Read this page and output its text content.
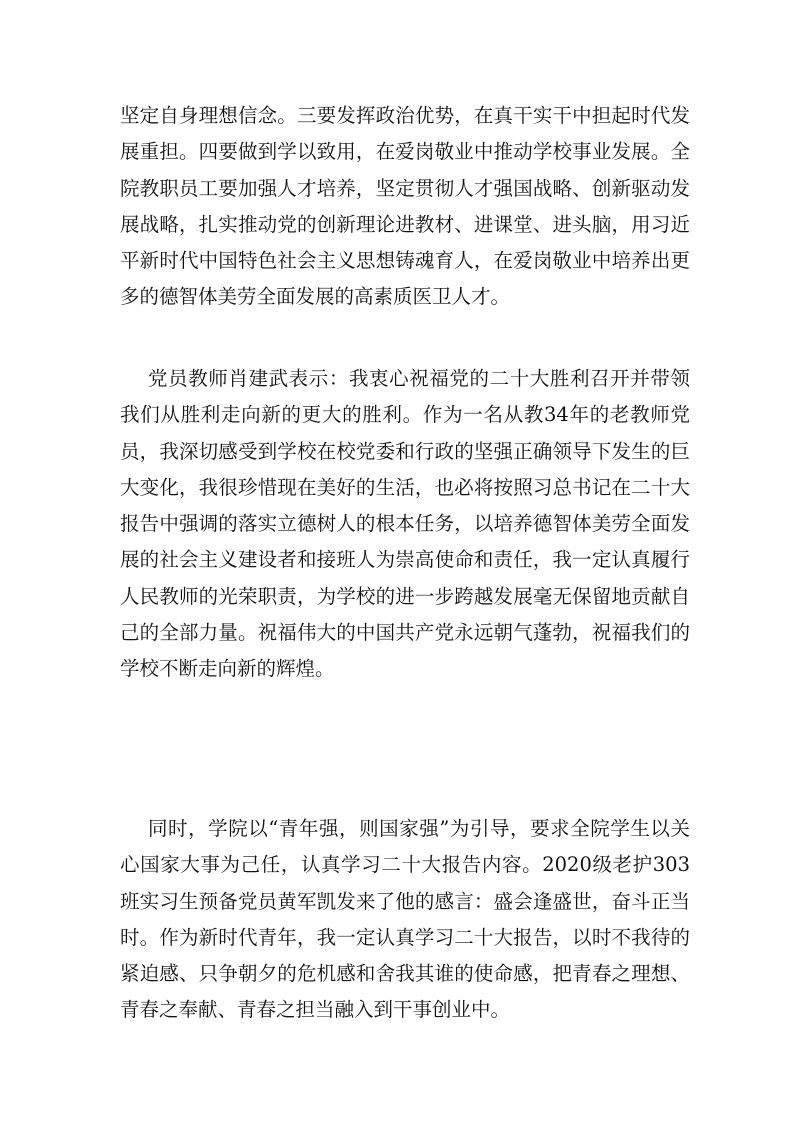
坚定自身理想信念。三要发挥政治优势，在真干实干中担起时代发展重担。四要做到学以致用，在爱岗敬业中推动学校事业发展。全院教职员工要加强人才培养，坚定贯彻人才强国战略、创新驱动发展战略，扎实推动党的创新理论进教材、进课堂、进头脑，用习近平新时代中国特色社会主义思想铸魂育人，在爱岗敬业中培养出更多的德智体美劳全面发展的高素质医卫人才。

党员教师肖建武表示：我衷心祝福党的二十大胜利召开并带领我们从胜利走向新的更大的胜利。作为一名从教34年的老教师党员，我深切感受到学校在校党委和行政的坚强正确领导下发生的巨大变化，我很珍惜现在美好的生活，也必将按照习总书记在二十大报告中强调的落实立德树人的根本任务，以培养德智体美劳全面发展的社会主义建设者和接班人为崇高使命和责任，我一定认真履行人民教师的光荣职责，为学校的进一步跨越发展毫无保留地贡献自己的全部力量。祝福伟大的中国共产党永远朝气蓬勃，祝福我们的学校不断走向新的辉煌。

同时，学院以“青年强，则国家强”为引导，要求全院学生以关心国家大事为己任，认真学习二十大报告内容。2020级老护303班实习生预备党员黄军凯发来了他的感言：盛会逢盛世，奋斗正当时。作为新时代青年，我一定认真学习二十大报告，以时不我待的紧迫感、只争朝夕的危机感和舍我其谁的使命感，把青春之理想、青春之奉献、青春之担当融入到干事创业中。
